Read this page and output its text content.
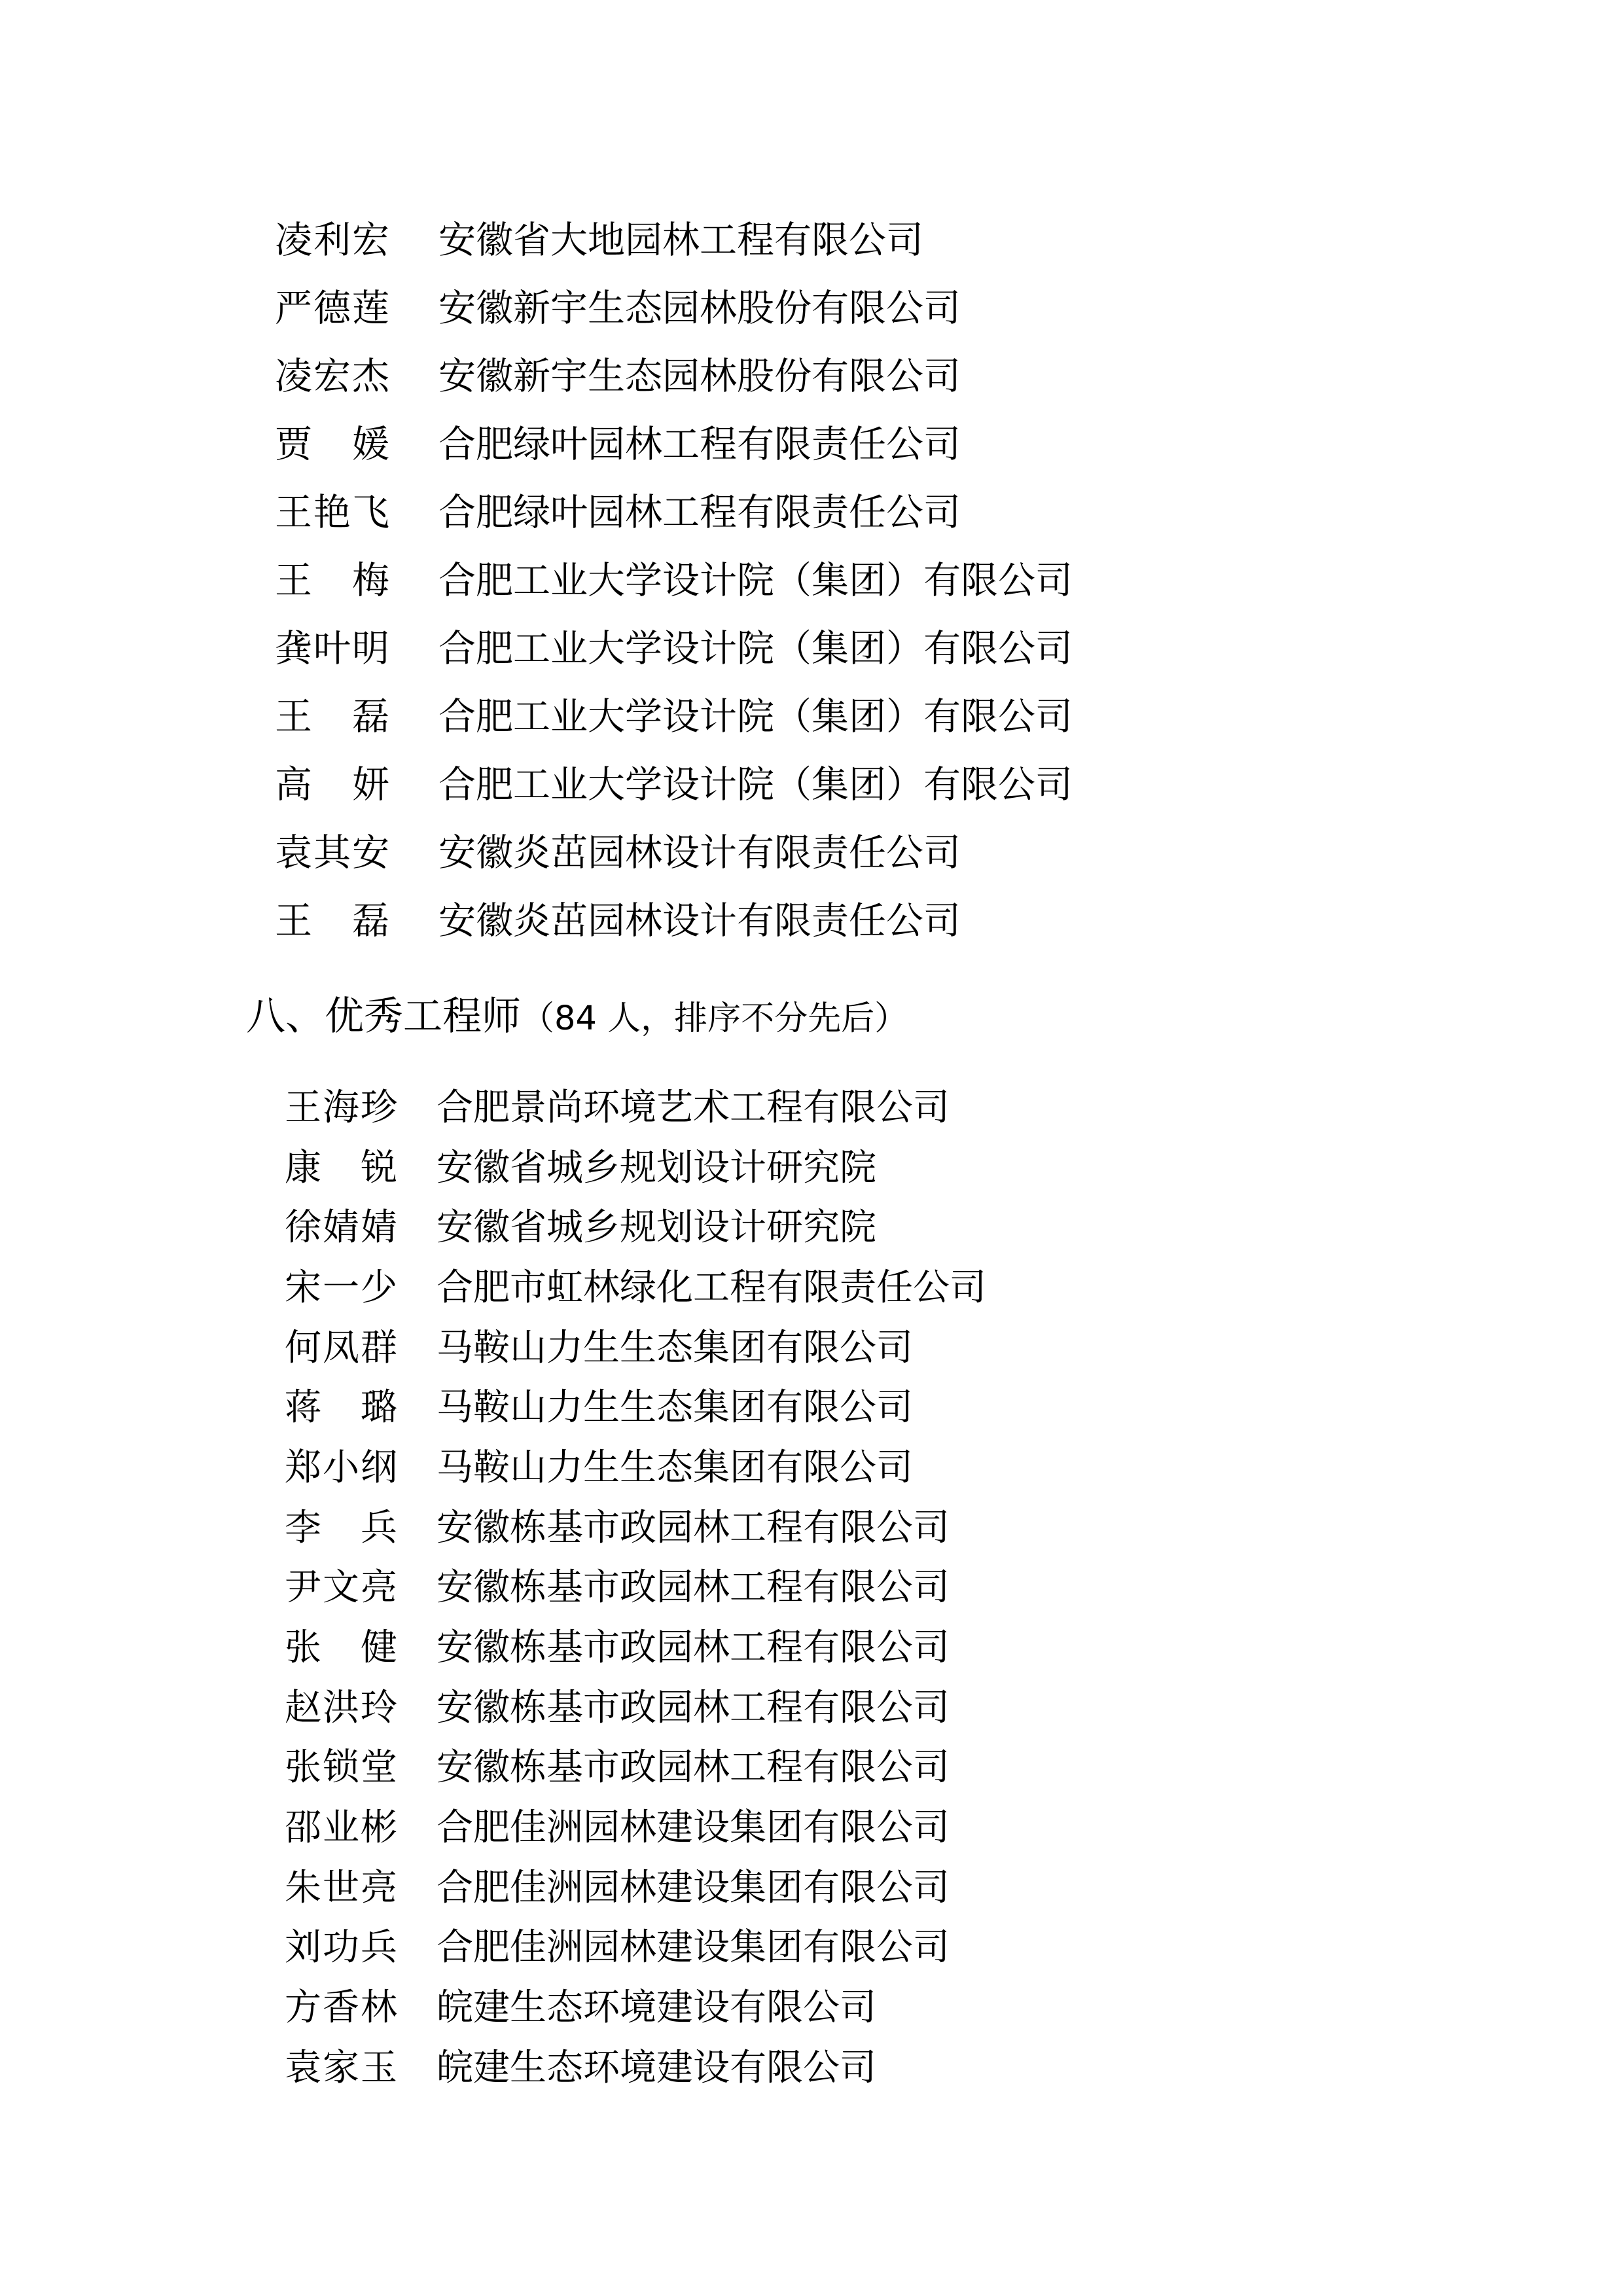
凌利宏	安徽省大地园林工程有限公司
严德莲	安徽新宇生态园林股份有限公司
凌宏杰	安徽新宇生态园林股份有限公司
贾　媛	合肥绿叶园林工程有限责任公司
王艳飞	合肥绿叶园林工程有限责任公司
王　梅	合肥工业大学设计院（集团）有限公司
龚叶明	合肥工业大学设计院（集团）有限公司
王　磊	合肥工业大学设计院（集团）有限公司
高　妍	合肥工业大学设计院（集团）有限公司
袁其安	安徽炎茁园林设计有限责任公司
王　磊	安徽炎茁园林设计有限责任公司
八、优秀工程师（84 人，排序不分先后）
王海珍	合肥景尚环境艺术工程有限公司
康　锐	安徽省城乡规划设计研究院
徐婧婧	安徽省城乡规划设计研究院
宋一少	合肥市虹林绿化工程有限责任公司
何凤群	马鞍山力生生态集团有限公司
蒋　璐	马鞍山力生生态集团有限公司
郑小纲	马鞍山力生生态集团有限公司
李　兵	安徽栋基市政园林工程有限公司
尹文亮	安徽栋基市政园林工程有限公司
张　健	安徽栋基市政园林工程有限公司
赵洪玲	安徽栋基市政园林工程有限公司
张锁堂	安徽栋基市政园林工程有限公司
邵业彬	合肥佳洲园林建设集团有限公司
朱世亮	合肥佳洲园林建设集团有限公司
刘功兵	合肥佳洲园林建设集团有限公司
方香林	皖建生态环境建设有限公司
袁家玉	皖建生态环境建设有限公司
